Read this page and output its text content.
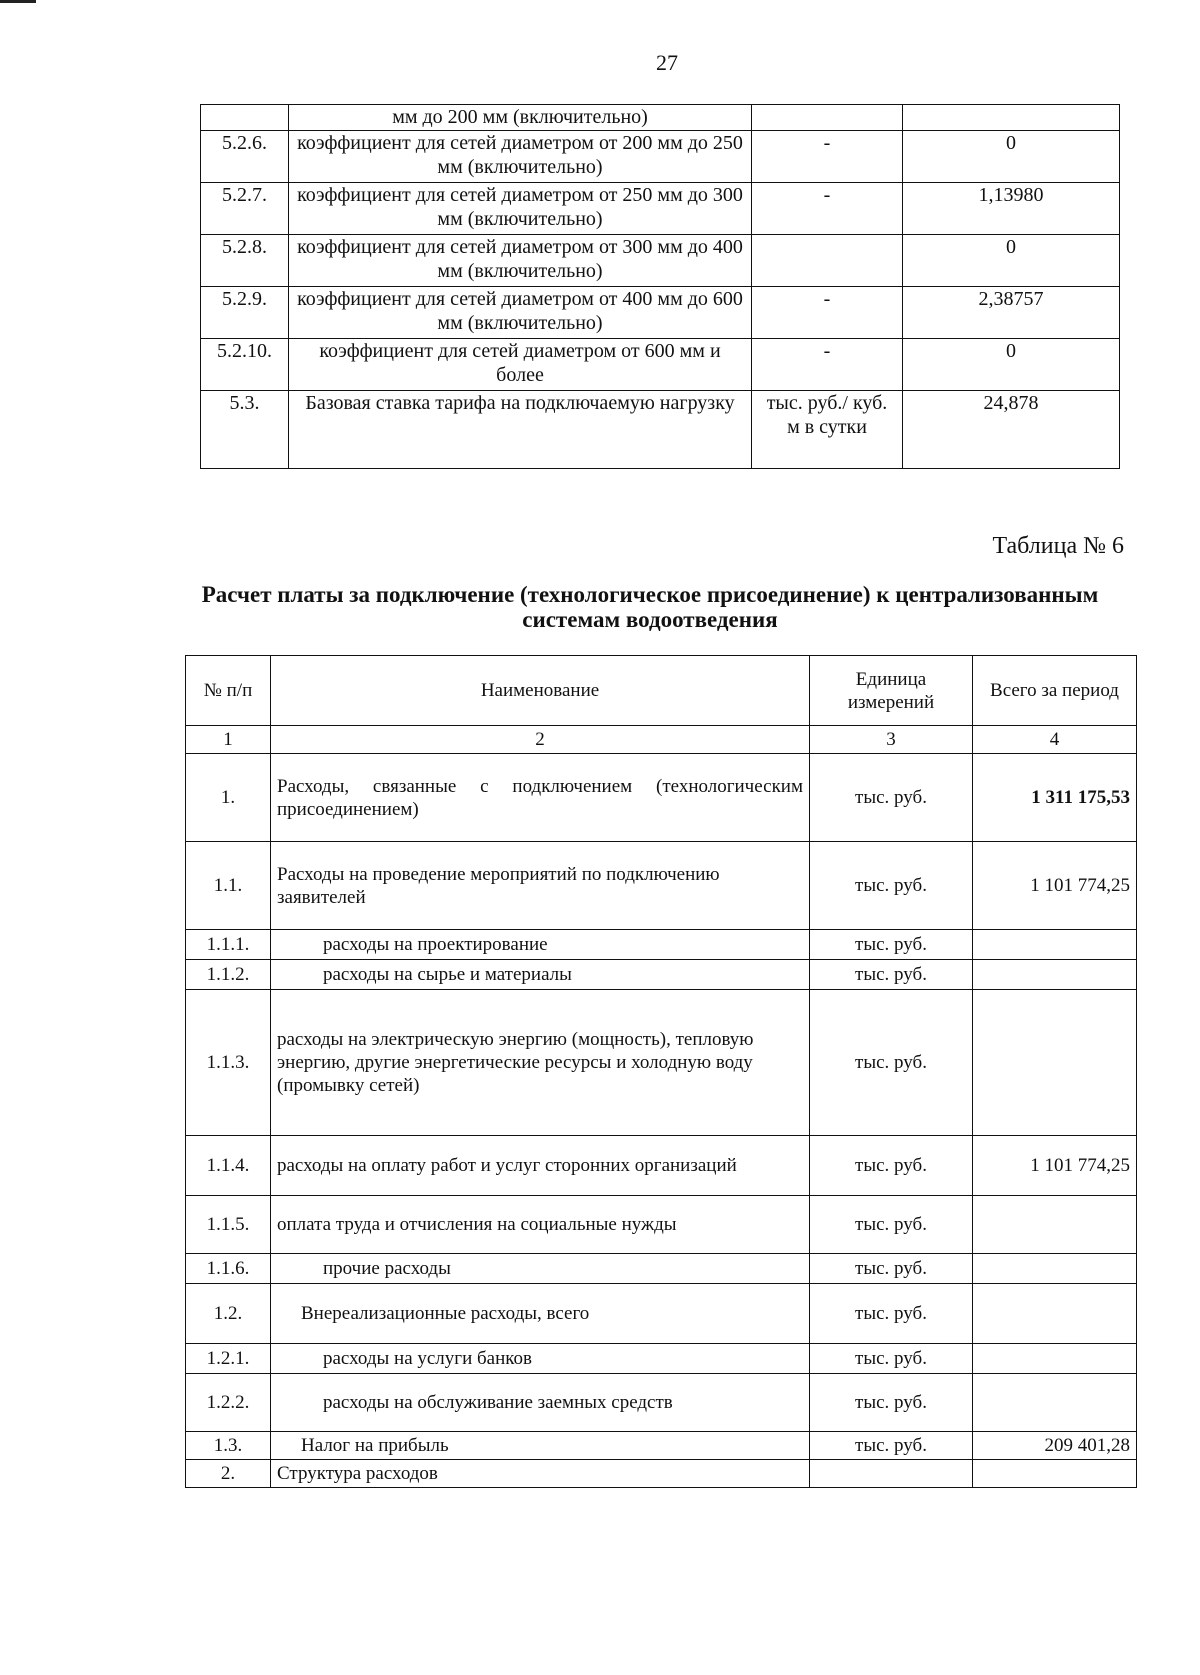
27
	мм до 200 мм (включительно)		
5.2.6.	коэффициент для сетей диаметром от 200 мм до 250 мм (включительно)	-	0
5.2.7.	коэффициент для сетей диаметром от 250 мм до 300 мм (включительно)	-	1,13980
5.2.8.	коэффициент для сетей диаметром от 300 мм до 400 мм (включительно)		0
5.2.9.	коэффициент для сетей диаметром от 400 мм до 600 мм (включительно)	-	2,38757
5.2.10.	коэффициент для сетей диаметром от 600 мм и более	-	0
5.3.	Базовая ставка тарифа на подключаемую нагрузку	тыс. руб./ куб. м в сутки	24,878
Таблица № 6
Расчет платы за подключение (технологическое присоединение) к централизованным системам водоотведения
№ п/п	Наименование	Единица измерений	Всего за период
1	2	3	4
1.	Расходы, связанные с подключением (технологическим присоединением)	тыс. руб.	1 311 175,53
1.1.	Расходы на проведение мероприятий по подключению заявителей	тыс. руб.	1 101 774,25
1.1.1.	расходы на проектирование	тыс. руб.	
1.1.2.	расходы на сырье и материалы	тыс. руб.	
1.1.3.	расходы на электрическую энергию (мощность), тепловую энергию, другие энергетические ресурсы и холодную воду (промывку сетей)	тыс. руб.	
1.1.4.	расходы на оплату работ и услуг сторонних организаций	тыс. руб.	1 101 774,25
1.1.5.	оплата труда и отчисления на социальные нужды	тыс. руб.	
1.1.6.	прочие расходы	тыс. руб.	
1.2.	Внереализационные расходы, всего	тыс. руб.	
1.2.1.	расходы на услуги банков	тыс. руб.	
1.2.2.	расходы на обслуживание заемных средств	тыс. руб.	
1.3.	Налог на прибыль	тыс. руб.	209 401,28
2.	Структура расходов		
